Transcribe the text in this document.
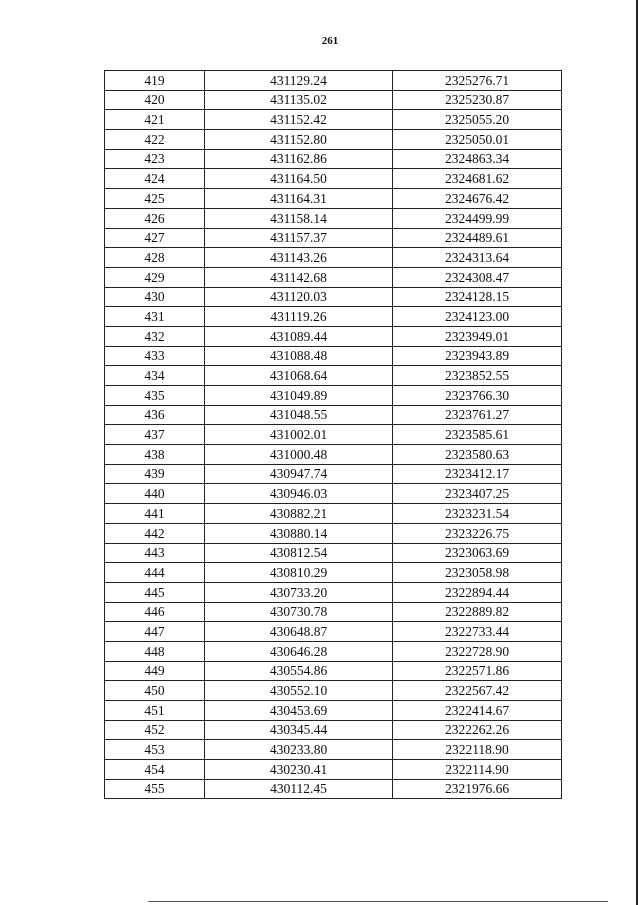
261
419	431129.24	2325276.71
420	431135.02	2325230.87
421	431152.42	2325055.20
422	431152.80	2325050.01
423	431162.86	2324863.34
424	431164.50	2324681.62
425	431164.31	2324676.42
426	431158.14	2324499.99
427	431157.37	2324489.61
428	431143.26	2324313.64
429	431142.68	2324308.47
430	431120.03	2324128.15
431	431119.26	2324123.00
432	431089.44	2323949.01
433	431088.48	2323943.89
434	431068.64	2323852.55
435	431049.89	2323766.30
436	431048.55	2323761.27
437	431002.01	2323585.61
438	431000.48	2323580.63
439	430947.74	2323412.17
440	430946.03	2323407.25
441	430882.21	2323231.54
442	430880.14	2323226.75
443	430812.54	2323063.69
444	430810.29	2323058.98
445	430733.20	2322894.44
446	430730.78	2322889.82
447	430648.87	2322733.44
448	430646.28	2322728.90
449	430554.86	2322571.86
450	430552.10	2322567.42
451	430453.69	2322414.67
452	430345.44	2322262.26
453	430233.80	2322118.90
454	430230.41	2322114.90
455	430112.45	2321976.66
